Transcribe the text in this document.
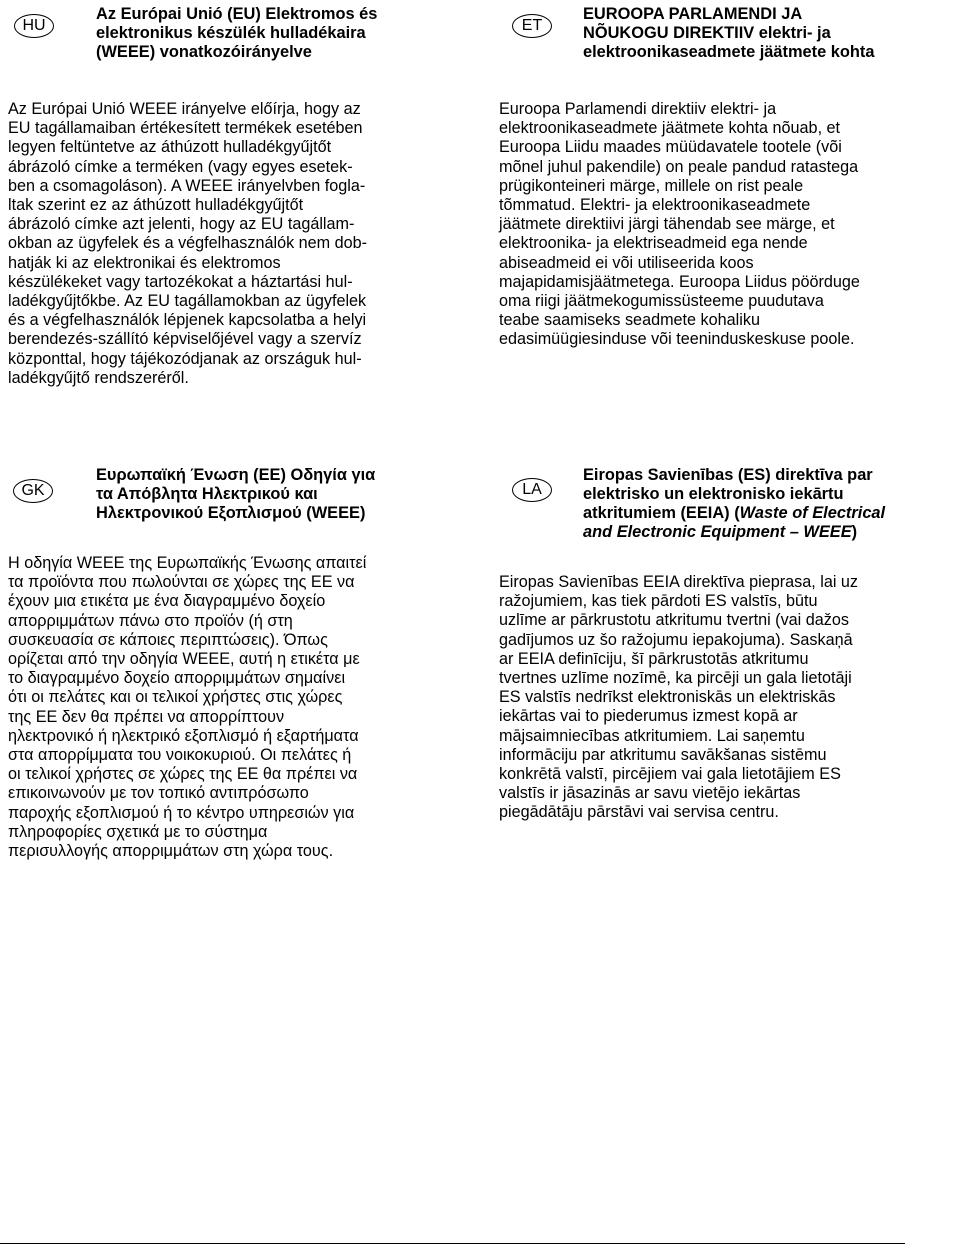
HU
Az Európai Unió (EU) Elektromos és
elektronikus készülék hulladékaira
(WEEE) vonatkozóirányelve

Az Európai Unió WEEE irányelve előírja, hogy az
EU tagállamaiban értékesített termékek esetében
legyen feltüntetve az áthúzott hulladékgyűjtőt
ábrázoló címke a terméken (vagy egyes esetek-
ben a csomagoláson). A WEEE irányelvben fogla-
ltak szerint ez az áthúzott hulladékgyűjtőt
ábrázoló címke azt jelenti, hogy az EU tagállam-
okban az ügyfelek és a végfelhasználók nem dob-
hatják ki az elektronikai és elektromos
készülékeket vagy tartozékokat a háztartási hul-
ladékgyűjtőkbe. Az EU tagállamokban az ügyfelek
és a végfelhasználók lépjenek kapcsolatba a helyi
berendezés-szállító képviselőjével vagy a szervíz
központtal, hogy tájékozódjanak az országuk hul-
ladékgyűjtő rendszeréről.

ET
EUROOPA PARLAMENDI JA
NÕUKOGU DIREKTIIV elektri- ja
elektroonikaseadmete jäätmete kohta

Euroopa Parlamendi direktiiv elektri- ja
elektroonikaseadmete jäätmete kohta nõuab, et
Euroopa Liidu maades müüdavatele tootele (või
mõnel juhul pakendile) on peale pandud ratastega
prügikonteineri märge, millele on rist peale
tõmmatud. Elektri- ja elektroonikaseadmete
jäätmete direktiivi järgi tähendab see märge, et
elektroonika- ja elektriseadmeid ega nende
abiseadmeid ei või utiliseerida koos
majapidamisjäätmetega. Euroopa Liidus pöörduge
oma riigi jäätmekogumissüsteeme puudutava
teabe saamiseks seadmete kohaliku
edasimüügiesinduse või teeninduskeskuse poole.

GK
Ευρωπαϊκή Ένωση (ΕΕ) Οδηγία για
τα Απόβλητα Ηλεκτρικού και
Ηλεκτρονικού Εξοπλισμού (WEEE)

Η οδηγία WEEE της Ευρωπαϊκής Ένωσης απαιτεί
τα προϊόντα που πωλούνται σε χώρες της ΕΕ να
έχουν μια ετικέτα με ένα διαγραμμένο δοχείο
απορριμμάτων πάνω στο προϊόν (ή στη
συσκευασία σε κάποιες περιπτώσεις). Όπως
ορίζεται από την οδηγία WEEE, αυτή η ετικέτα με
το διαγραμμένο δοχείο απορριμμάτων σημαίνει
ότι οι πελάτες και οι τελικοί χρήστες στις χώρες
της ΕΕ δεν θα πρέπει να απορρίπτουν
ηλεκτρονικό ή ηλεκτρικό εξοπλισμό ή εξαρτήματα
στα απορρίμματα του νοικοκυριού. Οι πελάτες ή
οι τελικοί χρήστες σε χώρες της ΕΕ θα πρέπει να
επικοινωνούν με τον τοπικό αντιπρόσωπο
παροχής εξοπλισμού ή το κέντρο υπηρεσιών για
πληροφορίες σχετικά με το σύστημα
περισυλλογής απορριμμάτων στη χώρα τους.

LA
Eiropas Savienības (ES) direktīva par
elektrisko un elektronisko iekārtu
atkritumiem (EEIA) (Waste of Electrical
and Electronic Equipment – WEEE)

Eiropas Savienības EEIA direktīva pieprasa, lai uz
ražojumiem, kas tiek pārdoti ES valstīs, būtu
uzlīme ar pārkrustotu atkritumu tvertni (vai dažos
gadījumos uz šo ražojumu iepakojuma). Saskaņā
ar EEIA definīciju, šī pārkrustotās atkritumu
tvertnes uzlīme nozīmē, ka pircēji un gala lietotāji
ES valstīs nedrīkst elektroniskās un elektriskās
iekārtas vai to piederumus izmest kopā ar
mājsaimniecības atkritumiem. Lai saņemtu
informāciju par atkritumu savākšanas sistēmu
konkrētā valstī, pircējiem vai gala lietotājiem ES
valstīs ir jāsazinās ar savu vietējo iekārtas
piegādātāju pārstāvi vai servisa centru.
